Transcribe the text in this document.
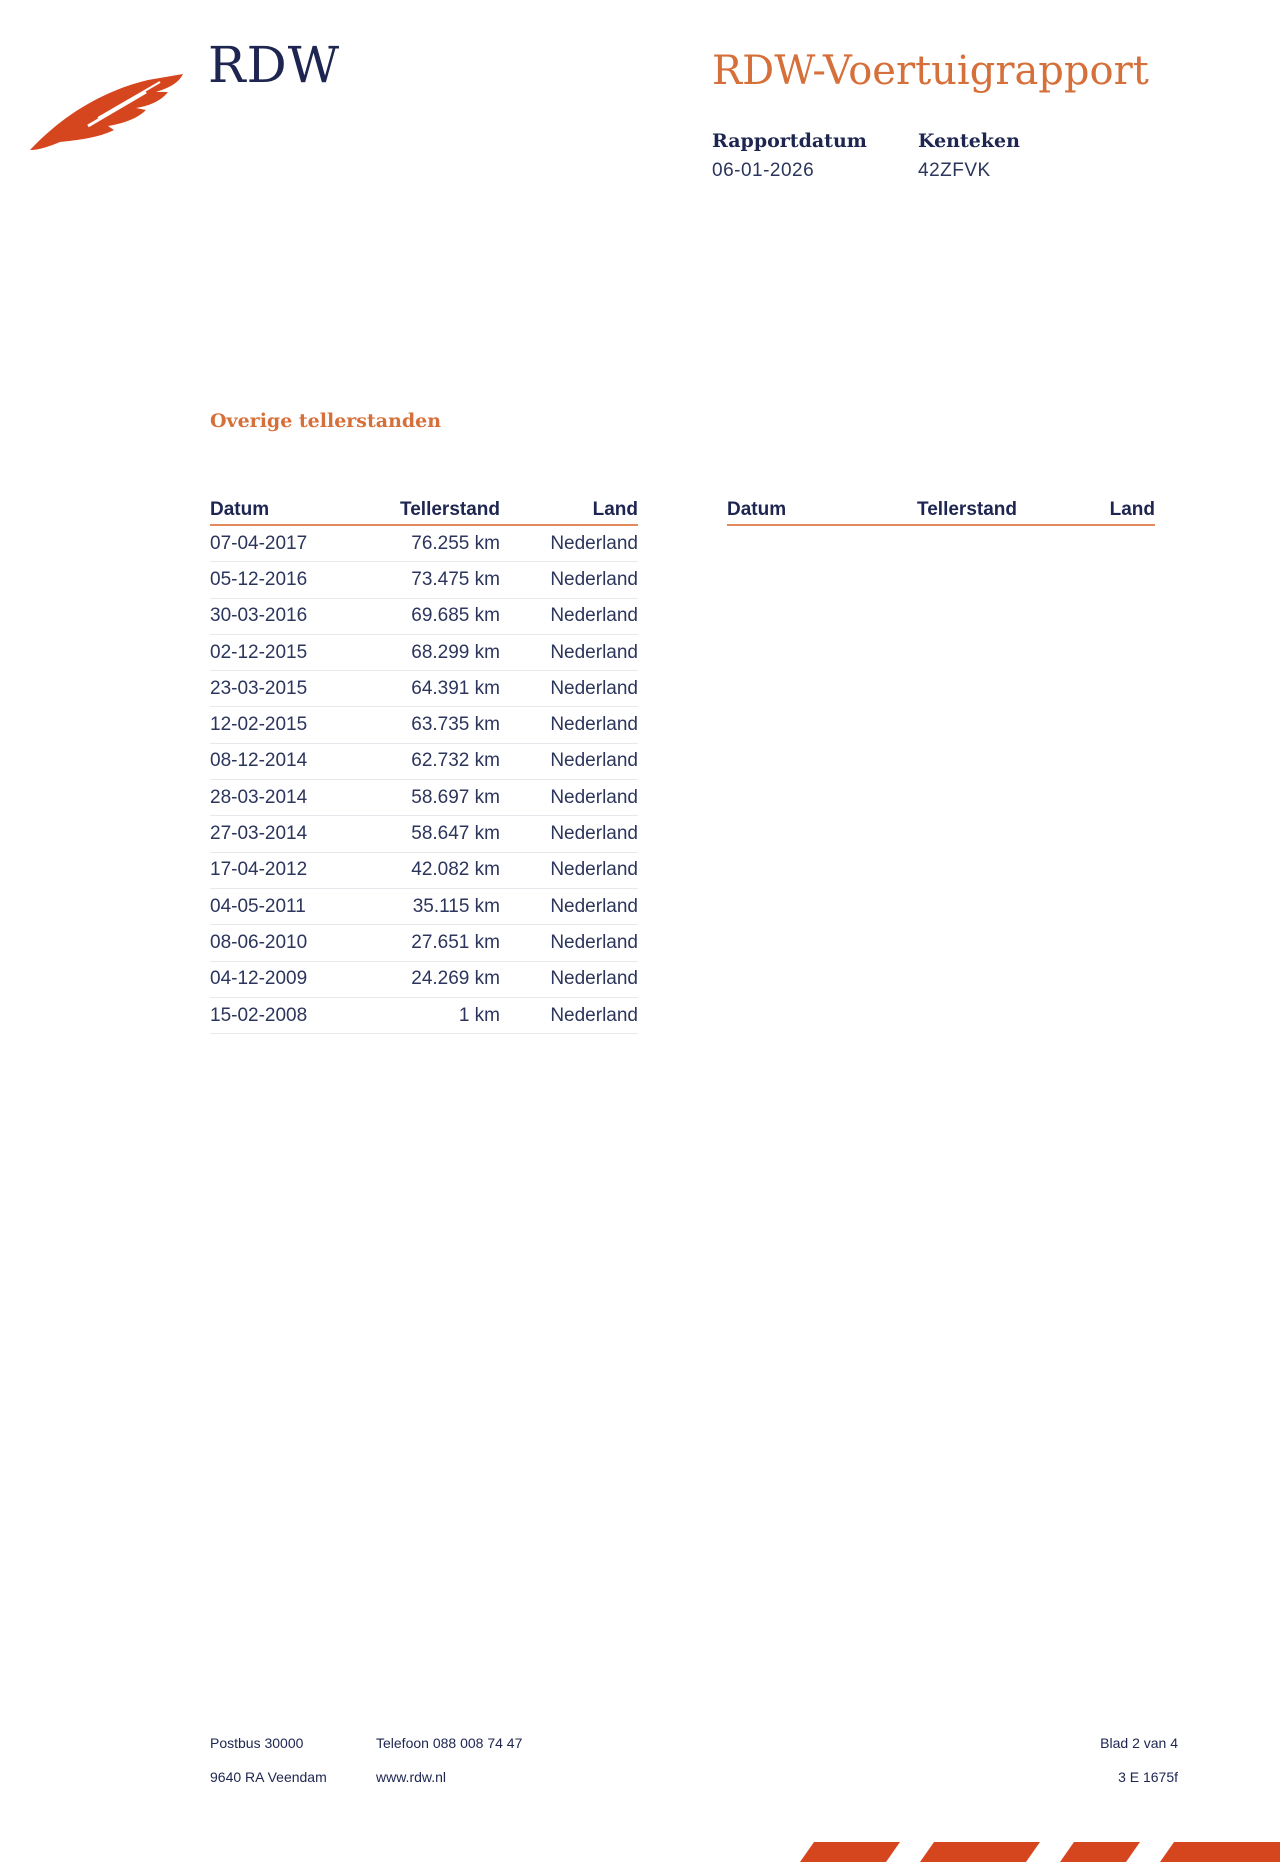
RDW	RDW-Voertuigrapport
Rapportdatum
06-01-2026
Kenteken
42ZFVK
Overige tellerstanden
Datum	Tellerstand	Land
07-04-2017	76.255 km	Nederland
05-12-2016	73.475 km	Nederland
30-03-2016	69.685 km	Nederland
02-12-2015	68.299 km	Nederland
23-03-2015	64.391 km	Nederland
12-02-2015	63.735 km	Nederland
08-12-2014	62.732 km	Nederland
28-03-2014	58.697 km	Nederland
27-03-2014	58.647 km	Nederland
17-04-2012	42.082 km	Nederland
04-05-2011	35.115 km	Nederland
08-06-2010	27.651 km	Nederland
04-12-2009	24.269 km	Nederland
15-02-2008	1 km	Nederland
Datum	Tellerstand	Land
Postbus 30000	Telefoon 088 008 74 47
9640 RA Veendam	www.rdw.nl
Blad 2 van 4
3 E 1675f
